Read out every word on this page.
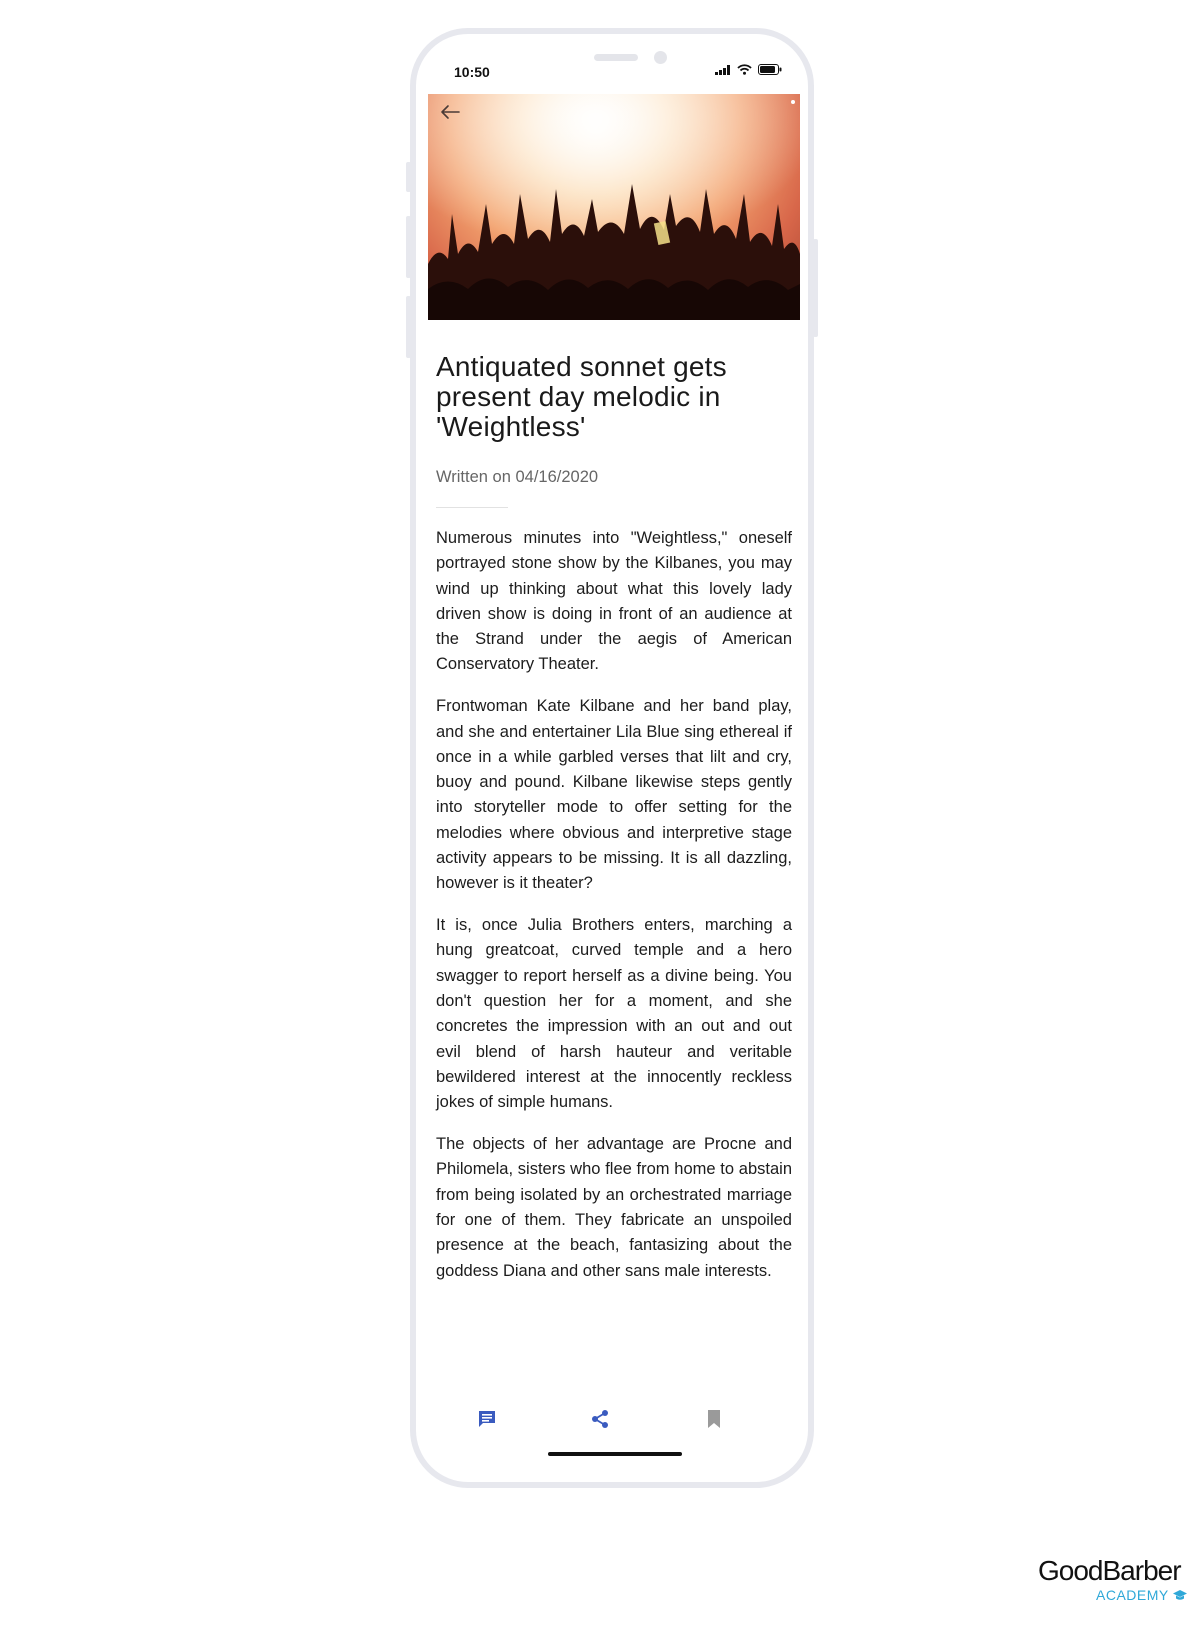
10:50
Antiquated sonnet gets present day melodic in 'Weightless'
Written on 04/16/2020

Numerous minutes into "Weightless," oneself portrayed stone show by the Kilbanes, you may wind up thinking about what this lovely lady driven show is doing in front of an audience at the Strand under the aegis of American Conservatory Theater.

Frontwoman Kate Kilbane and her band play, and she and entertainer Lila Blue sing ethereal if once in a while garbled verses that lilt and cry, buoy and pound. Kilbane likewise steps gently into storyteller mode to offer setting for the melodies where obvious and interpretive stage activity appears to be missing. It is all dazzling, however is it theater?

It is, once Julia Brothers enters, marching a hung greatcoat, curved temple and a hero swagger to report herself as a divine being. You don't question her for a moment, and she concretes the impression with an out and out evil blend of harsh hauteur and veritable bewildered interest at the innocently reckless jokes of simple humans.

The objects of her advantage are Procne and Philomela, sisters who flee from home to abstain from being isolated by an orchestrated marriage for one of them. They fabricate an unspoiled presence at the beach, fantasizing about the goddess Diana and other sans male interests.

GoodBarber
ACADEMY
